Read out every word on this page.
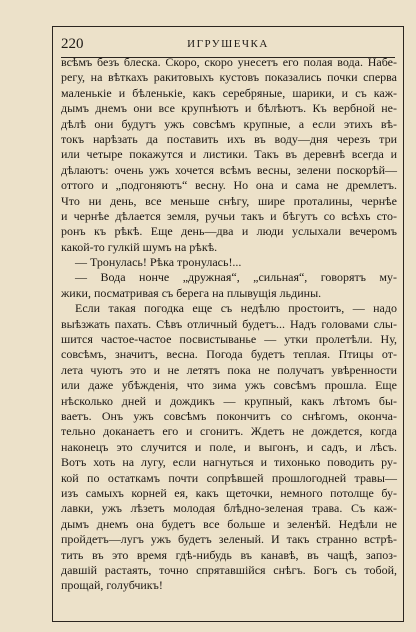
220	ИГРУШЕЧКА
всѣмъ безъ блеска. Скоро, скоро унесетъ его полая вода. Набе-
регу, на вѣткахъ ракитовыхъ кустовъ показались почки сперва
маленькіе и бѣленькіе, какъ серебряные, шарики, и съ каж-
дымъ днемъ они все крупнѣютъ и бѣлѣютъ. Къ вербной не-
дѣлѣ они будутъ ужъ совсѣмъ крупные, а если этихъ вѣ-
токъ нарѣзать да поставить ихъ въ воду—дня черезъ три
или четыре покажутся и листики. Такъ въ деревнѣ всегда и
дѣлаютъ: очень ужъ хочется всѣмъ весны, зелени поскорѣй—
оттого и „подгоняютъ“ весну. Но она и сама не дремлетъ.
Что ни день, все меньше снѣгу, шире проталины, чернѣе
и чернѣе дѣлается земля, ручьи такъ и бѣгутъ со всѣхъ сто-
ронъ къ рѣкѣ. Еще день—два и люди услыхали вечеромъ
какой-то гулкій шумъ на рѣкѣ.
— Тронулась! Рѣка тронулась!...
— Вода нонче „дружная“, „сильная“, говорятъ му-
жики, посматривая съ берега на плывущія льдины.
Если такая погодка еще съ недѣлю простоитъ, — надо
выѣзжать пахать. Сѣвъ отличный будетъ... Надъ головами слы-
шится частое-частое посвистыванье — утки пролетѣли. Ну,
совсѣмъ, значитъ, весна. Погода будетъ теплая. Птицы от-
лета чуютъ это и не летятъ пока не получатъ увѣренности
или даже убѣжденія, что зима ужъ совсѣмъ прошла. Еще
нѣсколько дней и дождикъ — крупный, какъ лѣтомъ бы-
ваетъ. Онъ ужъ совсѣмъ покончитъ со снѣгомъ, оконча-
тельно доканаетъ его и сгонитъ. Ждетъ не дождется, когда
наконецъ это случится и поле, и выгонъ, и садъ, и лѣсъ.
Вотъ хоть на лугу, если нагнуться и тихонько поводить ру-
кой по остаткамъ почти сопрѣвшей прошлогодней травы—
изъ самыхъ корней ея, какъ щеточки, немного потолще бу-
лавки, ужъ лѣзетъ молодая блѣдно-зеленая трава. Съ каж-
дымъ днемъ она будетъ все больше и зеленѣй. Недѣли не
пройдетъ—лугъ ужъ будетъ зеленый. И такъ странно встрѣ-
тить въ это время гдѣ-нибудь въ канавѣ, въ чащѣ, запоз-
давшій растаять, точно спрятавшійся снѣгъ. Богъ съ тобой,
прощай, голубчикъ!
